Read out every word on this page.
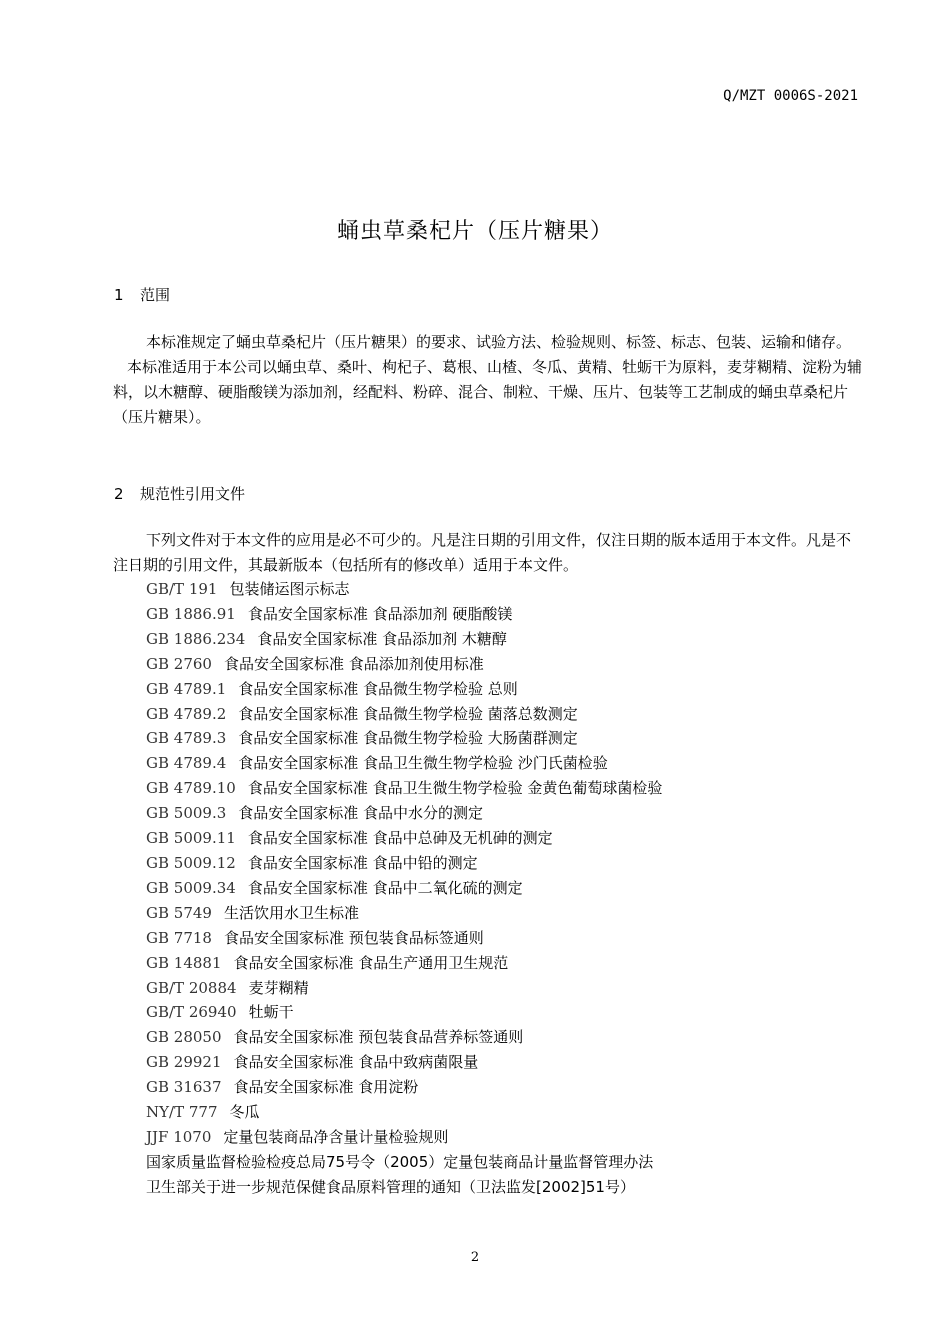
Q/MZT 0006S-2021
蛹虫草桑杞片（压片糖果）
1 范围

本标准规定了蛹虫草桑杞片（压片糖果）的要求、试验方法、检验规则、标签、标志、包装、运输和储存。

本标准适用于本公司以蛹虫草、桑叶、枸杞子、葛根、山楂、冬瓜、黄精、牡蛎干为原料，麦芽糊精、淀粉为辅料，以木糖醇、硬脂酸镁为添加剂，经配料、粉碎、混合、制粒、干燥、压片、包装等工艺制成的蛹虫草桑杞片（压片糖果）。

2 规范性引用文件

下列文件对于本文件的应用是必不可少的。凡是注日期的引用文件，仅注日期的版本适用于本文件。凡是不注日期的引用文件，其最新版本（包括所有的修改单）适用于本文件。

GB/T 191 包装储运图示标志
GB 1886.91 食品安全国家标准 食品添加剂 硬脂酸镁
GB 1886.234 食品安全国家标准 食品添加剂 木糖醇
GB 2760 食品安全国家标准 食品添加剂使用标准
GB 4789.1 食品安全国家标准 食品微生物学检验 总则
GB 4789.2 食品安全国家标准 食品微生物学检验 菌落总数测定
GB 4789.3 食品安全国家标准 食品微生物学检验 大肠菌群测定
GB 4789.4 食品安全国家标准 食品卫生微生物学检验 沙门氏菌检验
GB 4789.10 食品安全国家标准 食品卫生微生物学检验 金黄色葡萄球菌检验
GB 5009.3 食品安全国家标准 食品中水分的测定
GB 5009.11 食品安全国家标准 食品中总砷及无机砷的测定
GB 5009.12 食品安全国家标准 食品中铅的测定
GB 5009.34 食品安全国家标准 食品中二氧化硫的测定
GB 5749 生活饮用水卫生标准
GB 7718 食品安全国家标准 预包装食品标签通则
GB 14881 食品安全国家标准 食品生产通用卫生规范
GB/T 20884 麦芽糊精
GB/T 26940 牡蛎干
GB 28050 食品安全国家标准 预包装食品营养标签通则
GB 29921 食品安全国家标准 食品中致病菌限量
GB 31637 食品安全国家标准 食用淀粉
NY/T 777 冬瓜
JJF 1070 定量包装商品净含量计量检验规则
国家质量监督检验检疫总局75号令（2005）定量包装商品计量监督管理办法
卫生部关于进一步规范保健食品原料管理的通知（卫法监发[2002]51号）
2
